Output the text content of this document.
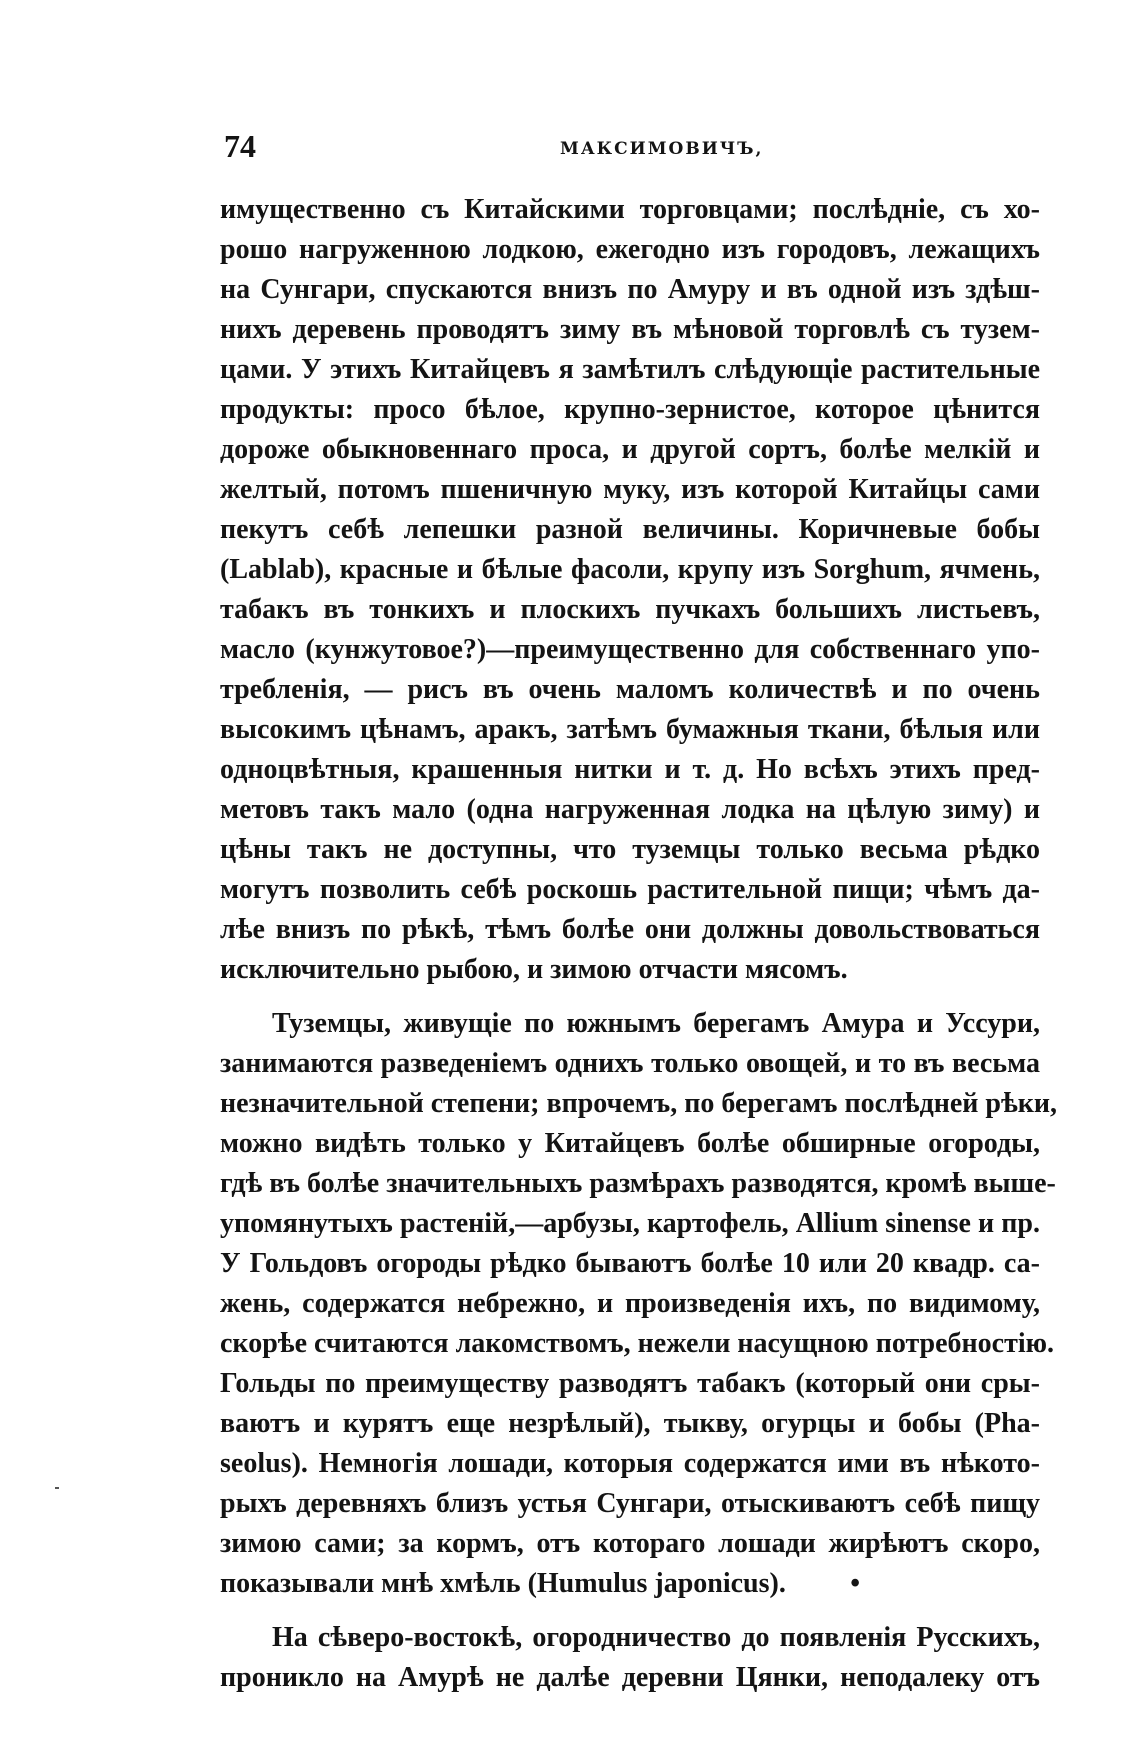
74	МАКСИМОВИЧЪ,
имущественно съ Китайскими торговцами; послѣдніе, съ хо-
рошо нагруженною лодкою, ежегодно изъ городовъ, лежащихъ
на Сунгари, спускаются внизъ по Амуру и въ одной изъ здѣш-
нихъ деревень проводятъ зиму въ мѣновой торговлѣ съ тузем-
цами. У этихъ Китайцевъ я замѣтилъ слѣдующіе растительные
продукты: просо бѣлое, крупно-зернистое, которое цѣнится
дороже обыкновеннаго проса, и другой сортъ, болѣе мелкій и
желтый, потомъ пшеничную муку, изъ которой Китайцы сами
пекутъ себѣ лепешки разной величины. Коричневые бобы
(Lablab), красные и бѣлые фасоли, крупу изъ Sorghum, ячмень,
табакъ въ тонкихъ и плоскихъ пучкахъ большихъ листьевъ,
масло (кунжутовое?)—преимущественно для собственнаго упо-
требленія, — рисъ въ очень маломъ количествѣ и по очень
высокимъ цѣнамъ, аракъ, затѣмъ бумажныя ткани, бѣлыя или
одноцвѣтныя, крашенныя нитки и т. д. Но всѣхъ этихъ пред-
метовъ такъ мало (одна нагруженная лодка на цѣлую зиму) и
цѣны такъ не доступны, что туземцы только весьма рѣдко
могутъ позволить себѣ роскошь растительной пищи; чѣмъ да-
лѣе внизъ по рѣкѣ, тѣмъ болѣе они должны довольствоваться
исключительно рыбою, и зимою отчасти мясомъ.
Туземцы, живущіе по южнымъ берегамъ Амура и Уссури,
занимаются разведеніемъ однихъ только овощей, и то въ весьма
незначительной степени; впрочемъ, по берегамъ послѣдней рѣки,
можно видѣть только у Китайцевъ болѣе обширные огороды,
гдѣ въ болѣе значительныхъ размѣрахъ разводятся, кромѣ выше-
упомянутыхъ растеній,—арбузы, картофель, Allium sinense и пр.
У Гольдовъ огороды рѣдко бываютъ болѣе 10 или 20 квадр. са-
жень, содержатся небрежно, и произведенія ихъ, по видимому,
скорѣе считаются лакомствомъ, нежели насущною потребностію.
Гольды по преимуществу разводятъ табакъ (который они сры-
ваютъ и курятъ еще незрѣлый), тыкву, огурцы и бобы (Pha-
seolus). Немногія лошади, которыя содержатся ими въ нѣкото-
рыхъ деревняхъ близъ устья Сунгари, отыскиваютъ себѣ пищу
зимою сами; за кормъ, отъ котораго лошади жирѣютъ скоро,
показывали мнѣ хмѣль (Humulus japonicus).	•
На сѣверо-востокѣ, огородничество до появленія Русскихъ,
проникло на Амурѣ не далѣе деревни Цянки, неподалеку отъ
